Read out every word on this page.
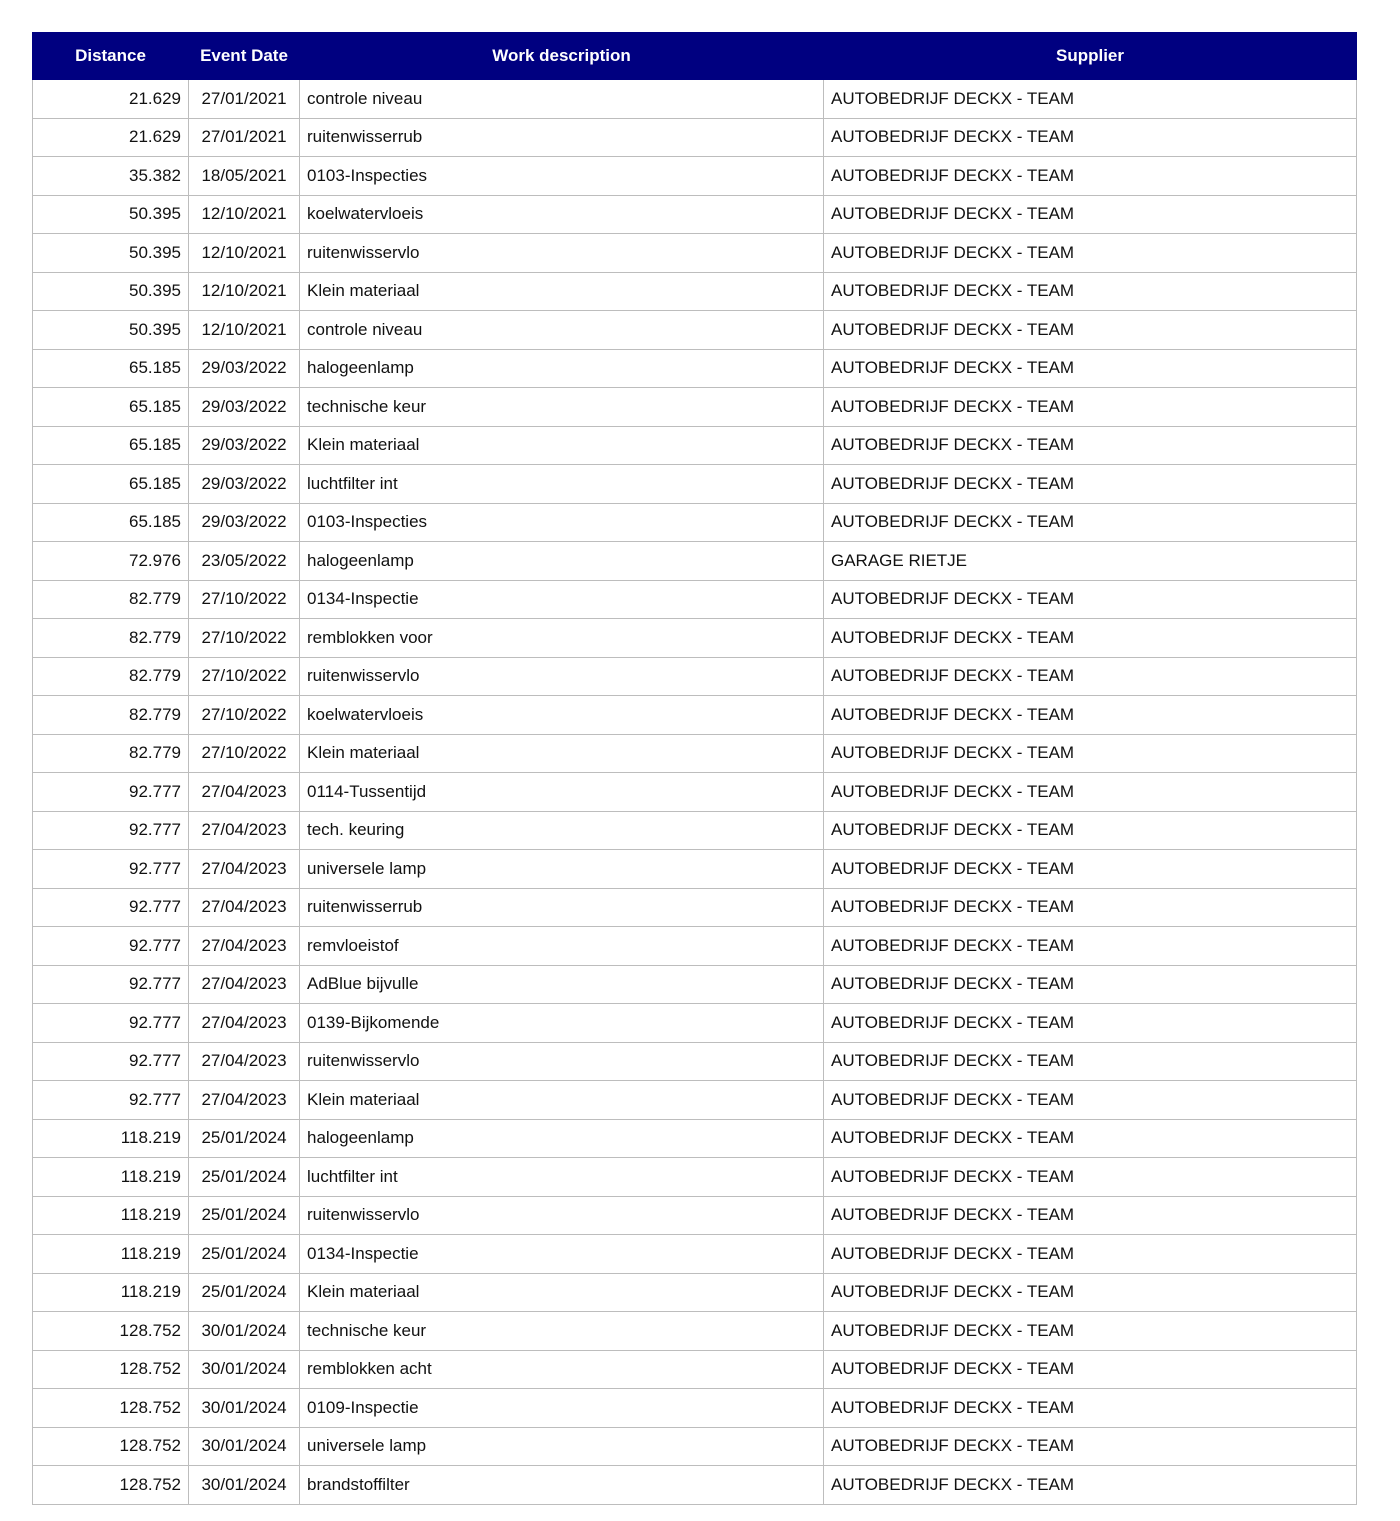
Distance	Event Date	Work description	Supplier
21.629	27/01/2021	controle niveau	AUTOBEDRIJF DECKX - TEAM
21.629	27/01/2021	ruitenwisserrub	AUTOBEDRIJF DECKX - TEAM
35.382	18/05/2021	0103-Inspecties	AUTOBEDRIJF DECKX - TEAM
50.395	12/10/2021	koelwatervloeis	AUTOBEDRIJF DECKX - TEAM
50.395	12/10/2021	ruitenwisservlo	AUTOBEDRIJF DECKX - TEAM
50.395	12/10/2021	Klein materiaal	AUTOBEDRIJF DECKX - TEAM
50.395	12/10/2021	controle niveau	AUTOBEDRIJF DECKX - TEAM
65.185	29/03/2022	halogeenlamp	AUTOBEDRIJF DECKX - TEAM
65.185	29/03/2022	technische keur	AUTOBEDRIJF DECKX - TEAM
65.185	29/03/2022	Klein materiaal	AUTOBEDRIJF DECKX - TEAM
65.185	29/03/2022	luchtfilter int	AUTOBEDRIJF DECKX - TEAM
65.185	29/03/2022	0103-Inspecties	AUTOBEDRIJF DECKX - TEAM
72.976	23/05/2022	halogeenlamp	GARAGE RIETJE
82.779	27/10/2022	0134-Inspectie	AUTOBEDRIJF DECKX - TEAM
82.779	27/10/2022	remblokken voor	AUTOBEDRIJF DECKX - TEAM
82.779	27/10/2022	ruitenwisservlo	AUTOBEDRIJF DECKX - TEAM
82.779	27/10/2022	koelwatervloeis	AUTOBEDRIJF DECKX - TEAM
82.779	27/10/2022	Klein materiaal	AUTOBEDRIJF DECKX - TEAM
92.777	27/04/2023	0114-Tussentijd	AUTOBEDRIJF DECKX - TEAM
92.777	27/04/2023	tech. keuring	AUTOBEDRIJF DECKX - TEAM
92.777	27/04/2023	universele lamp	AUTOBEDRIJF DECKX - TEAM
92.777	27/04/2023	ruitenwisserrub	AUTOBEDRIJF DECKX - TEAM
92.777	27/04/2023	remvloeistof	AUTOBEDRIJF DECKX - TEAM
92.777	27/04/2023	AdBlue bijvulle	AUTOBEDRIJF DECKX - TEAM
92.777	27/04/2023	0139-Bijkomende	AUTOBEDRIJF DECKX - TEAM
92.777	27/04/2023	ruitenwisservlo	AUTOBEDRIJF DECKX - TEAM
92.777	27/04/2023	Klein materiaal	AUTOBEDRIJF DECKX - TEAM
118.219	25/01/2024	halogeenlamp	AUTOBEDRIJF DECKX - TEAM
118.219	25/01/2024	luchtfilter int	AUTOBEDRIJF DECKX - TEAM
118.219	25/01/2024	ruitenwisservlo	AUTOBEDRIJF DECKX - TEAM
118.219	25/01/2024	0134-Inspectie	AUTOBEDRIJF DECKX - TEAM
118.219	25/01/2024	Klein materiaal	AUTOBEDRIJF DECKX - TEAM
128.752	30/01/2024	technische keur	AUTOBEDRIJF DECKX - TEAM
128.752	30/01/2024	remblokken acht	AUTOBEDRIJF DECKX - TEAM
128.752	30/01/2024	0109-Inspectie	AUTOBEDRIJF DECKX - TEAM
128.752	30/01/2024	universele lamp	AUTOBEDRIJF DECKX - TEAM
128.752	30/01/2024	brandstoffilter	AUTOBEDRIJF DECKX - TEAM
